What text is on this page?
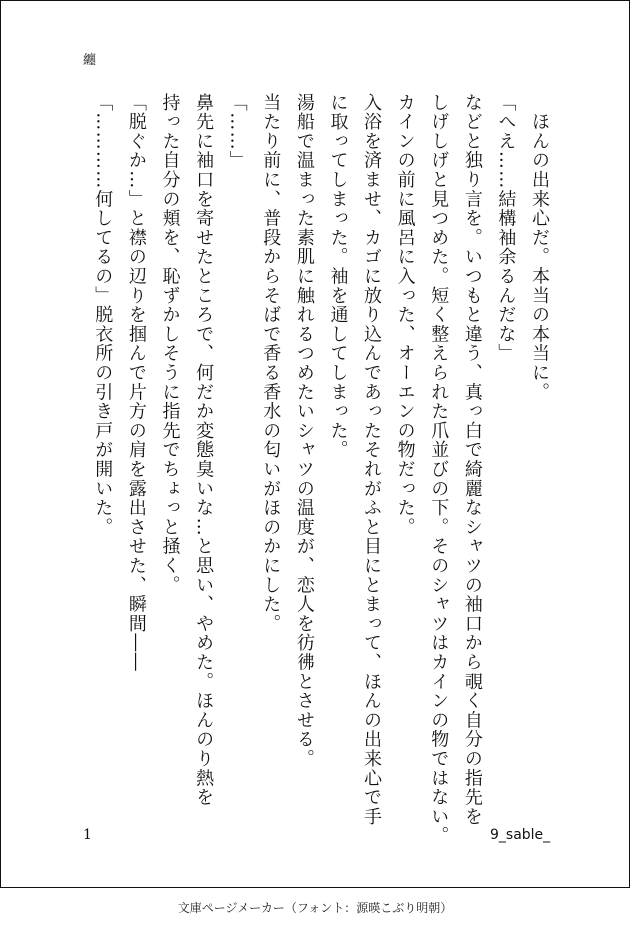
纏
　ほんの出来心だ。本当の本当に。
「へえ……結構袖余るんだな」
などと独り言を。いつもと違う、真っ白で綺麗なシャツの袖口から覗く自分の指先を
しげしげと見つめた。短く整えられた爪並びの下。そのシャツはカインの物ではない。
カインの前に風呂に入った、オーエンの物だった。
入浴を済ませ、カゴに放り込んであったそれがふと目にとまって、ほんの出来心で手
に取ってしまった。袖を通してしまった。
湯船で温まった素肌に触れるつめたいシャツの温度が、恋人を彷彿とさせる。
当たり前に、普段からそばで香る香水の匂いがほのかにした。
「……」
鼻先に袖口を寄せたところで、何だか変態臭いな…と思い、やめた。ほんのり熱を
持った自分の頬を、恥ずかしそうに指先でちょっと掻く。
「脱ぐか…」と襟の辺りを掴んで片方の肩を露出させた、瞬間――
「…………何してるの」脱衣所の引き戸が開いた。
1	9_sable_
文庫ページメーカー（フォント：源暎こぶり明朝）
